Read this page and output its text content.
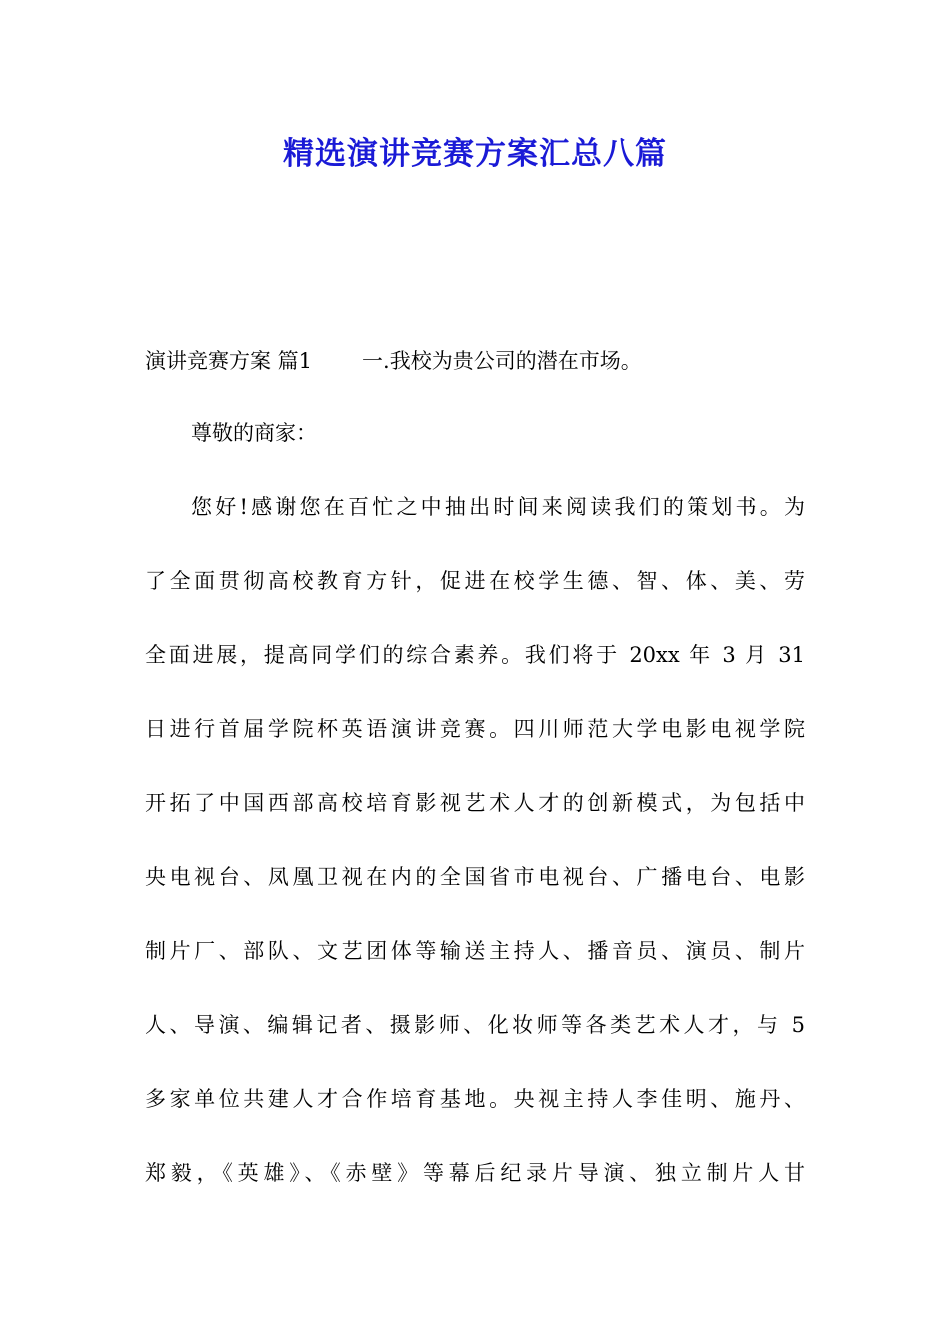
精选演讲竞赛方案汇总八篇
演讲竞赛方案 篇1 一.我校为贵公司的潜在市场。
尊敬的商家：
您好!感谢您在百忙之中抽出时间来阅读我们的策划书。为
了全面贯彻高校教育方针，促进在校学生德、智、体、美、劳
全面进展，提高同学们的综合素养。我们将于 20xx 年 3 月 31
日进行首届学院杯英语演讲竞赛。四川师范大学电影电视学院
开拓了中国西部高校培育影视艺术人才的创新模式，为包括中
央电视台、凤凰卫视在内的全国省市电视台、广播电台、电影
制片厂、部队、文艺团体等输送主持人、播音员、演员、制片
人、导演、编辑记者、摄影师、化妆师等各类艺术人才，与 5
多家单位共建人才合作培育基地。央视主持人李佳明、施丹、
郑毅，《英雄》、《赤壁》等幕后纪录片导演、独立制片人甘
